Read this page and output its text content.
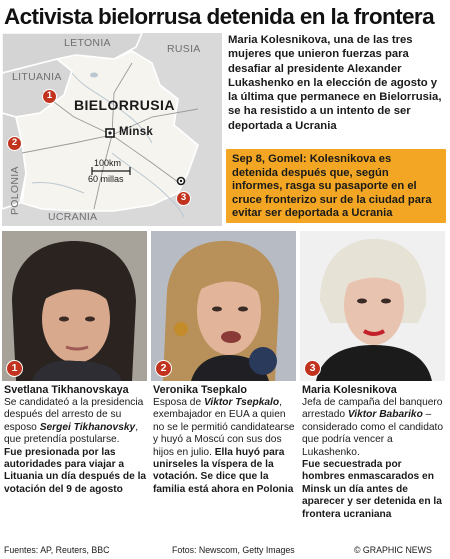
Activista bielorrusa detenida en la frontera
LETONIA	RUSIA
LITUANIA
BIELORRUSIA
Minsk
POLONIA
UCRANIA
100km
60 millas
1
2
3
Maria Kolesnikova, una de las tres mujeres que unieron fuerzas para desafiar al presidente Alexander Lukashenko en la elección de agosto y la última que permanece en Bielorrusia, se ha resistido a un intento de ser deportada a Ucrania

Sep 8, Gomel: Kolesnikova es detenida después que, según informes, rasga su pasaporte en el cruce fronterizo sur de la ciudad para evitar ser deportada a Ucrania

1	2	3
Svetlana Tikhanovskaya
Se candidateó a la presidencia después del arresto de su esposo Sergei Tikhanovsky, que pretendía postularse.
Fue presionada por las autoridades para viajar a Lituania un día después de la votación del 9 de agosto
Veronika Tsepkalo
Esposa de Viktor Tsepkalo, exembajador en EUA a quien no se le permitió candidatearse y huyó a Moscú con sus dos hijos en julio. Ella huyó para unirseles la víspera de la votación. Se dice que la familia está ahora en Polonia
Maria Kolesnikova
Jefa de campaña del banquero arrestado Viktor Babariko – considerado como el candidato que podría vencer a Lukashenko.
Fue secuestrada por hombres enmascarados en Minsk un día antes de aparecer y ser detenida en la frontera ucraniana
Fuentes: AP, Reuters, BBC	Fotos: Newscom, Getty Images	© GRAPHIC NEWS
